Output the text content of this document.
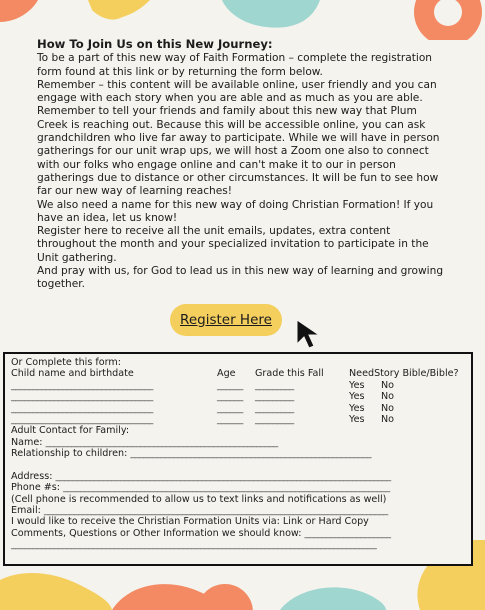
How To Join Us on this New Journey:

To be a part of this new way of Faith Formation – complete the registration form found at this link or by returning the form below.

Remember – this content will be available online, user friendly and you can engage with each story when you are able and as much as you are able.

Remember to tell your friends and family about this new way that Plum Creek is reaching out. Because this will be accessible online, you can ask grandchildren who live far away to participate. While we will have in person gatherings for our unit wrap ups, we will host a Zoom one also to connect with our folks who engage online and can't make it to our in person gatherings due to distance or other circumstances. It will be fun to see how far our new way of learning reaches!

We also need a name for this new way of doing Christian Formation! If you have an idea, let us know!

Register here to receive all the unit emails, updates, extra content throughout the month and your specialized invitation to participate in the Unit gathering.

And pray with us, for God to lead us in this new way of learning and growing together.

Register Here
Or Complete this form:
Child name and birthdate	Age Grade this Fall	NeedStory Bible/Bible?
_________________________________	______ _________	Yes No
_________________________________	______ _________	Yes No
_________________________________	______ _________	Yes No
_________________________________	______ _________	Yes No
Adult Contact for Family:
Name: ______________________________________________________
Relationship to children: ________________________________________________________
Address: ______________________________________________________________________________
Phone #s: ____________________________________________________________________________
(Cell phone is recommended to allow us to text links and notifications as well)
Email: ________________________________________________________________________________
I would like to receive the Christian Formation Units via: Link or Hard Copy
Comments, Questions or Other Information we should know: ____________________
_____________________________________________________________________________________
